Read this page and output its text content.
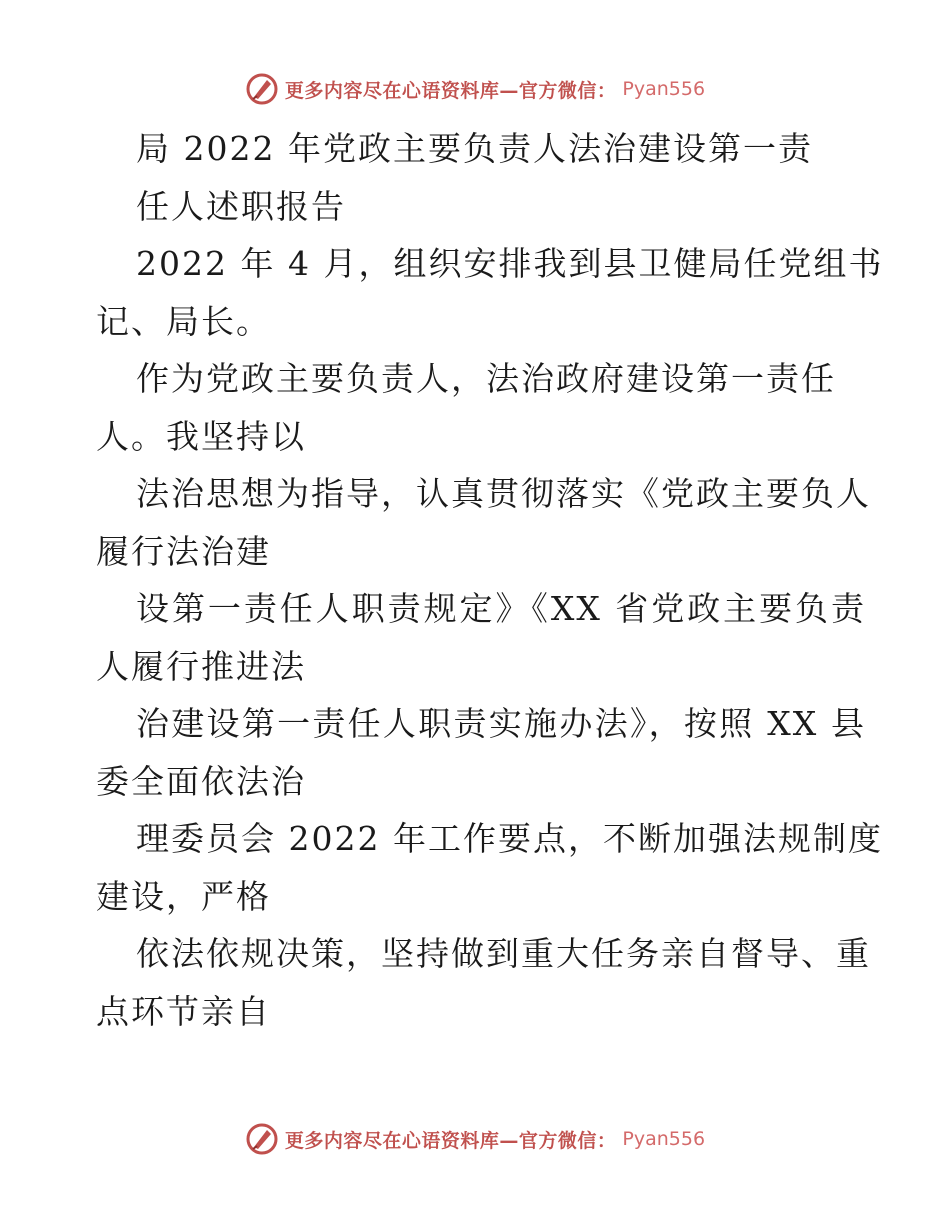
更多内容尽在心语资料库—官方微信： Pyan556
局 2022 年党政主要负责人法治建设第一责
任人述职报告
2022 年 4 月，组织安排我到县卫健局任党组书
记、局长。
作为党政主要负责人，法治政府建设第一责任
人。我坚持以
法治思想为指导，认真贯彻落实《党政主要负人
履行法治建
设第一责任人职责规定》《XX 省党政主要负责
人履行推进法
治建设第一责任人职责实施办法》，按照 XX 县
委全面依法治
理委员会 2022 年工作要点，不断加强法规制度
建设，严格
依法依规决策，坚持做到重大任务亲自督导、重
点环节亲自
更多内容尽在心语资料库—官方微信： Pyan556
